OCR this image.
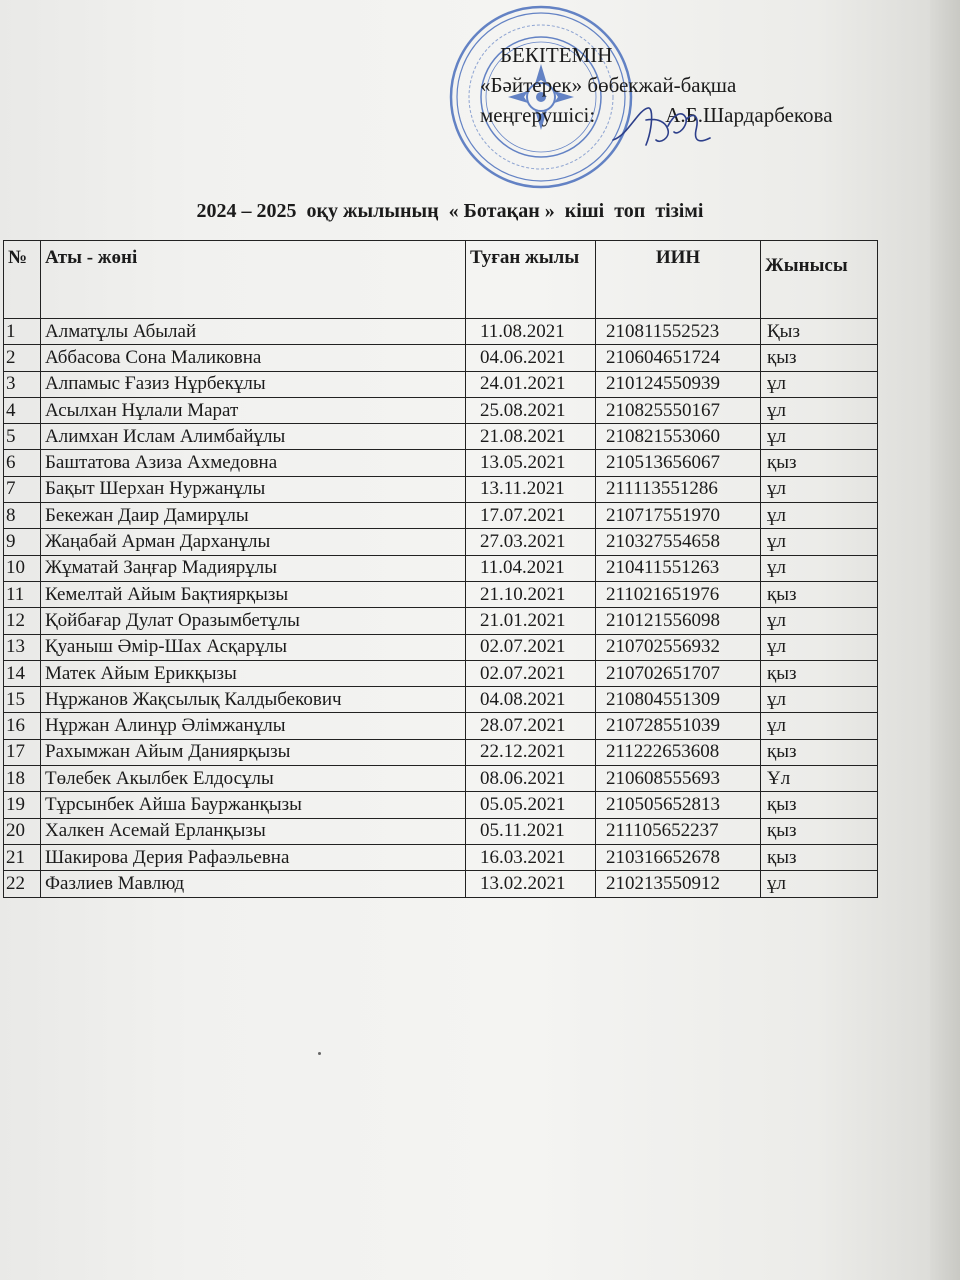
БЕКІТЕМІН
«Бәйтерек» бөбекжай-бақша
меңгерушісі:	А.Б.Шардарбекова
2024 – 2025  оқу жылының  « Ботақан »  кіші  топ  тізімі
№	Аты - жөні	Туған жылы	ИИН	Жынысы
1	Алматұлы Абылай	11.08.2021	210811552523	Қыз
2	Аббасова Сона Маликовна	04.06.2021	210604651724	қыз
3	Алпамыс Ғазиз Нұрбекұлы	24.01.2021	210124550939	ұл
4	Асылхан Нұлали Марат	25.08.2021	210825550167	ұл
5	Алимхан Ислам Алимбайұлы	21.08.2021	210821553060	ұл
6	Баштатова Азиза Ахмедовна	13.05.2021	210513656067	қыз
7	Бақыт Шерхан Нуржанұлы	13.11.2021	211113551286	ұл
8	Бекежан Даир Дамирұлы	17.07.2021	210717551970	ұл
9	Жаңабай Арман Дарханұлы	27.03.2021	210327554658	ұл
10	Жұматай Заңғар Мадиярұлы	11.04.2021	210411551263	ұл
11	Кемелтай Айым Бақтиярқызы	21.10.2021	211021651976	қыз
12	Қойбағар Дулат Оразымбетұлы	21.01.2021	210121556098	ұл
13	Қуаныш Әмір-Шах Асқарұлы	02.07.2021	210702556932	ұл
14	Матек Айым Ерикқызы	02.07.2021	210702651707	қыз
15	Нұржанов Жақсылық Калдыбекович	04.08.2021	210804551309	ұл
16	Нұржан Алинұр Әлімжанұлы	28.07.2021	210728551039	ұл
17	Рахымжан Айым Даниярқызы	22.12.2021	211222653608	қыз
18	Төлебек Акылбек Елдосұлы	08.06.2021	210608555693	Ұл
19	Тұрсынбек Айша Бауржанқызы	05.05.2021	210505652813	қыз
20	Халкен Асемай Ерланқызы	05.11.2021	211105652237	қыз
21	Шакирова Дерия Рафаэльевна	16.03.2021	210316652678	қыз
22	Фазлиев Мавлюд	13.02.2021	210213550912	ұл
